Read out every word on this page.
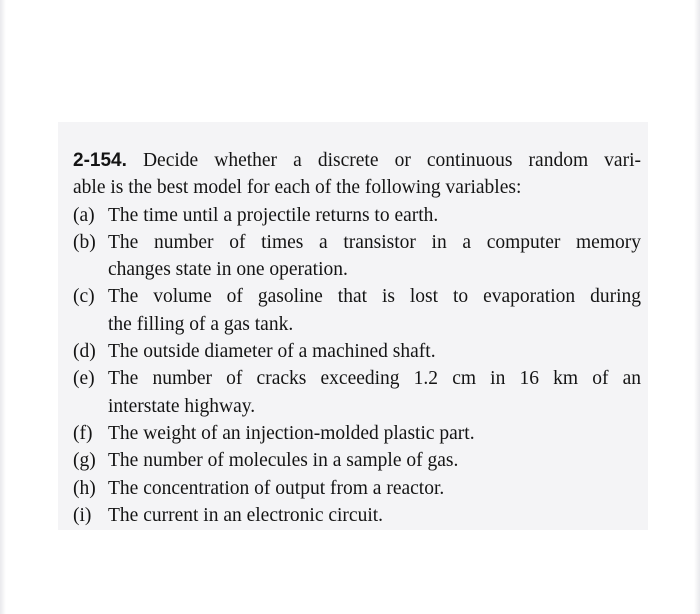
2-154. Decide whether a discrete or continuous random vari-
able is the best model for each of the following variables:
(a) The time until a projectile returns to earth.
(b) The number of times a transistor in a computer memory
changes state in one operation.
(c) The volume of gasoline that is lost to evaporation during
the filling of a gas tank.
(d) The outside diameter of a machined shaft.
(e) The number of cracks exceeding 1.2 cm in 16 km of an
interstate highway.
(f) The weight of an injection-molded plastic part.
(g) The number of molecules in a sample of gas.
(h) The concentration of output from a reactor.
(i) The current in an electronic circuit.
